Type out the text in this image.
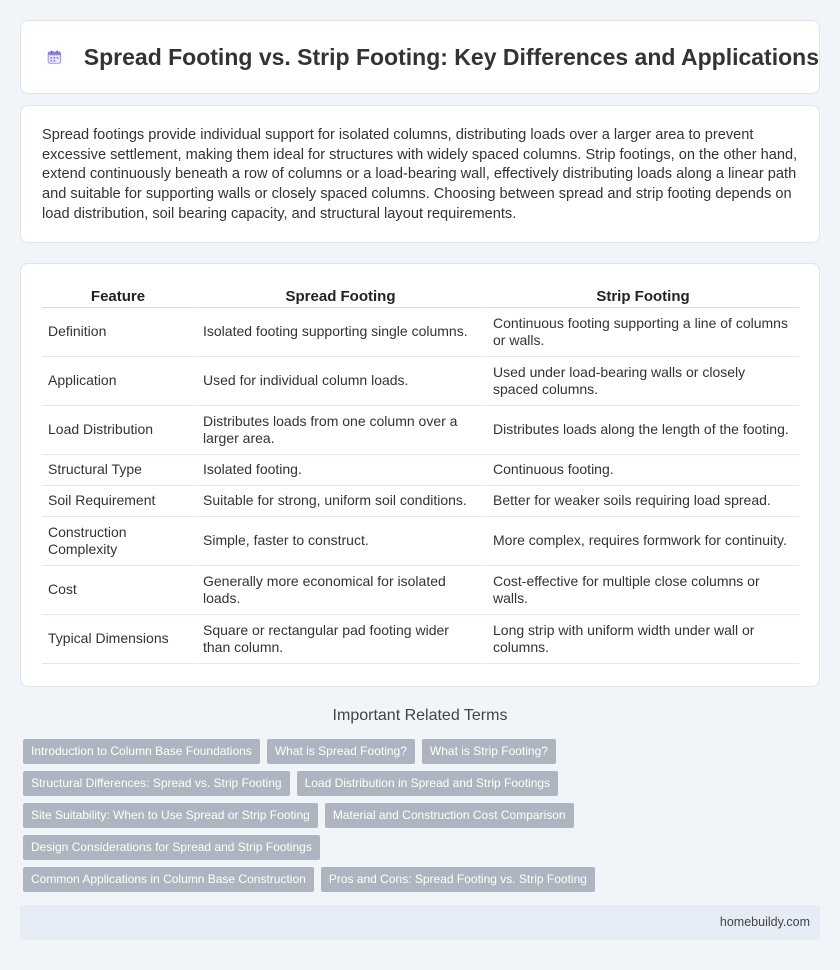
Spread Footing vs. Strip Footing: Key Differences and Applications

Spread footings provide individual support for isolated columns, distributing loads over a larger area to prevent excessive settlement, making them ideal for structures with widely spaced columns. Strip footings, on the other hand, extend continuously beneath a row of columns or a load-bearing wall, effectively distributing loads along a linear path and suitable for supporting walls or closely spaced columns. Choosing between spread and strip footing depends on load distribution, soil bearing capacity, and structural layout requirements.

Feature	Spread Footing	Strip Footing
Definition	Isolated footing supporting single columns.	Continuous footing supporting a line of columns or walls.
Application	Used for individual column loads.	Used under load-bearing walls or closely spaced columns.
Load Distribution	Distributes loads from one column over a larger area.	Distributes loads along the length of the footing.
Structural Type	Isolated footing.	Continuous footing.
Soil Requirement	Suitable for strong, uniform soil conditions.	Better for weaker soils requiring load spread.
Construction Complexity	Simple, faster to construct.	More complex, requires formwork for continuity.
Cost	Generally more economical for isolated loads.	Cost-effective for multiple close columns or walls.
Typical Dimensions	Square or rectangular pad footing wider than column.	Long strip with uniform width under wall or columns.
Important Related Terms
Introduction to Column Base Foundations	What is Spread Footing?	What is Strip Footing?
Structural Differences: Spread vs. Strip Footing	Load Distribution in Spread and Strip Footings
Site Suitability: When to Use Spread or Strip Footing	Material and Construction Cost Comparison
Design Considerations for Spread and Strip Footings
Common Applications in Column Base Construction	Pros and Cons: Spread Footing vs. Strip Footing
homebuildy.com
